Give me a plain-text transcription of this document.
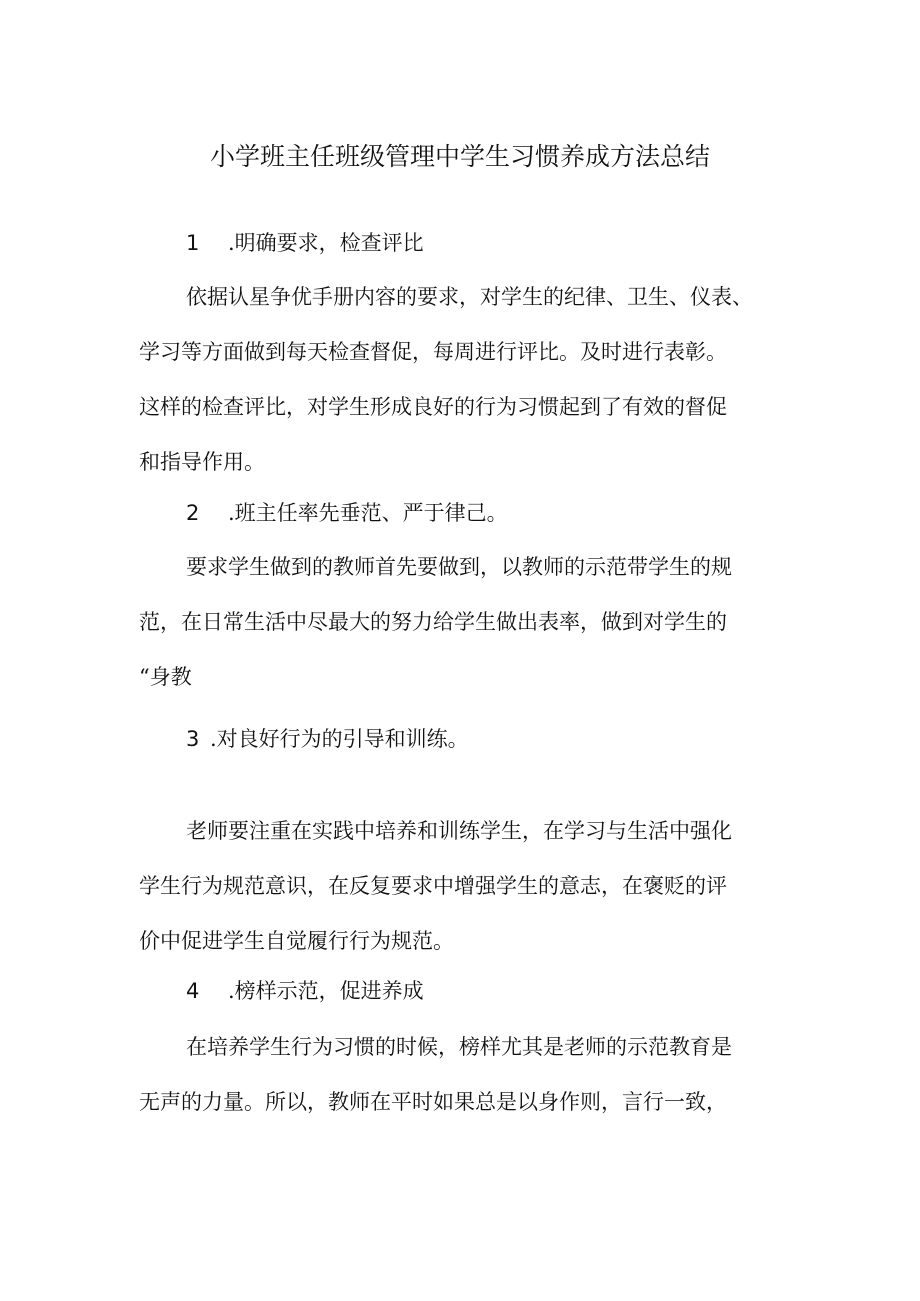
小学班主任班级管理中学生习惯养成方法总结
1 .明确要求，检查评比
依据认星争优手册内容的要求，对学生的纪律、卫生、仪表、
学习等方面做到每天检查督促，每周进行评比。及时进行表彰。
这样的检查评比，对学生形成良好的行为习惯起到了有效的督促
和指导作用。
2 .班主任率先垂范、严于律己。
要求学生做到的教师首先要做到，以教师的示范带学生的规
范，在日常生活中尽最大的努力给学生做出表率，做到对学生的
“身教
3 .对良好行为的引导和训练。
老师要注重在实践中培养和训练学生，在学习与生活中强化
学生行为规范意识，在反复要求中增强学生的意志，在褒贬的评
价中促进学生自觉履行行为规范。
4 .榜样示范，促进养成
在培养学生行为习惯的时候，榜样尤其是老师的示范教育是
无声的力量。所以，教师在平时如果总是以身作则，言行一致，
